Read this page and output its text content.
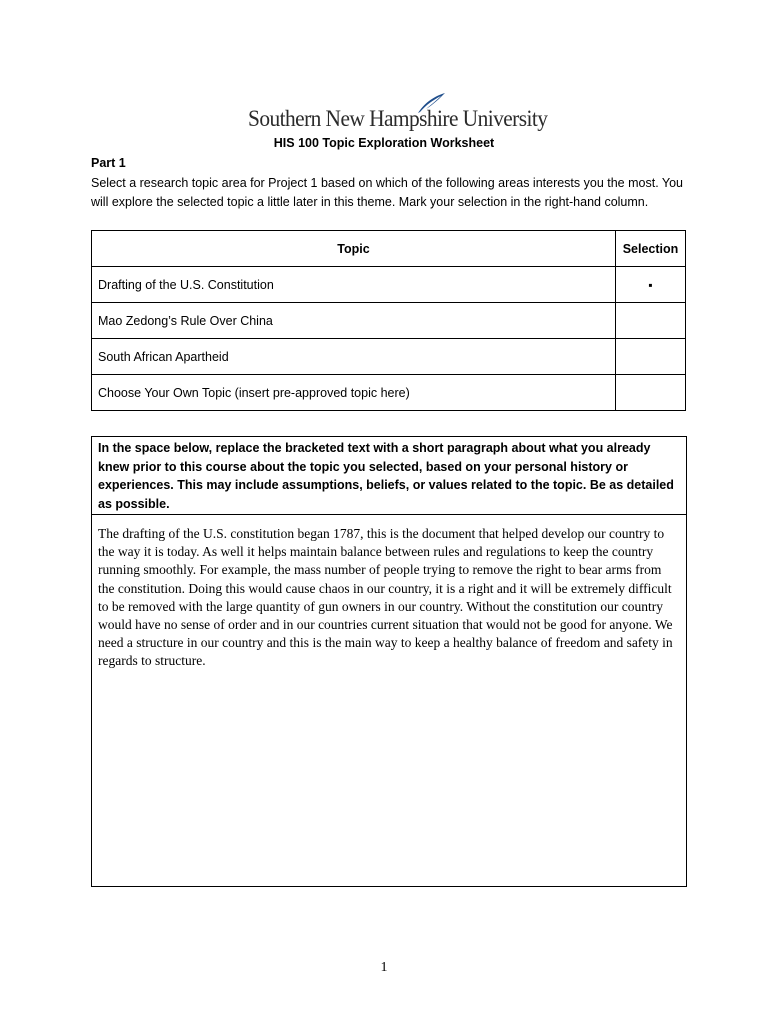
Southern New Hampshire University
HIS 100 Topic Exploration Worksheet
Part 1
Select a research topic area for Project 1 based on which of the following areas interests you the most. You will explore the selected topic a little later in this theme. Mark your selection in the right-hand column.
Topic	Selection
Drafting of the U.S. Constitution	▪
Mao Zedong’s Rule Over China	
South African Apartheid	
Choose Your Own Topic (insert pre-approved topic here)	
In the space below, replace the bracketed text with a short paragraph about what you already knew prior to this course about the topic you selected, based on your personal history or experiences. This may include assumptions, beliefs, or values related to the topic. Be as detailed as possible.
The drafting of the U.S. constitution began 1787, this is the document that helped develop our country to the way it is today. As well it helps maintain balance between rules and regulations to keep the country running smoothly. For example, the mass number of people trying to remove the right to bear arms from the constitution. Doing this would cause chaos in our country, it is a right and it will be extremely difficult to be removed with the large quantity of gun owners in our country. Without the constitution our country would have no sense of order and in our countries current situation that would not be good for anyone. We need a structure in our country and this is the main way to keep a healthy balance of freedom and safety in regards to structure.
1
